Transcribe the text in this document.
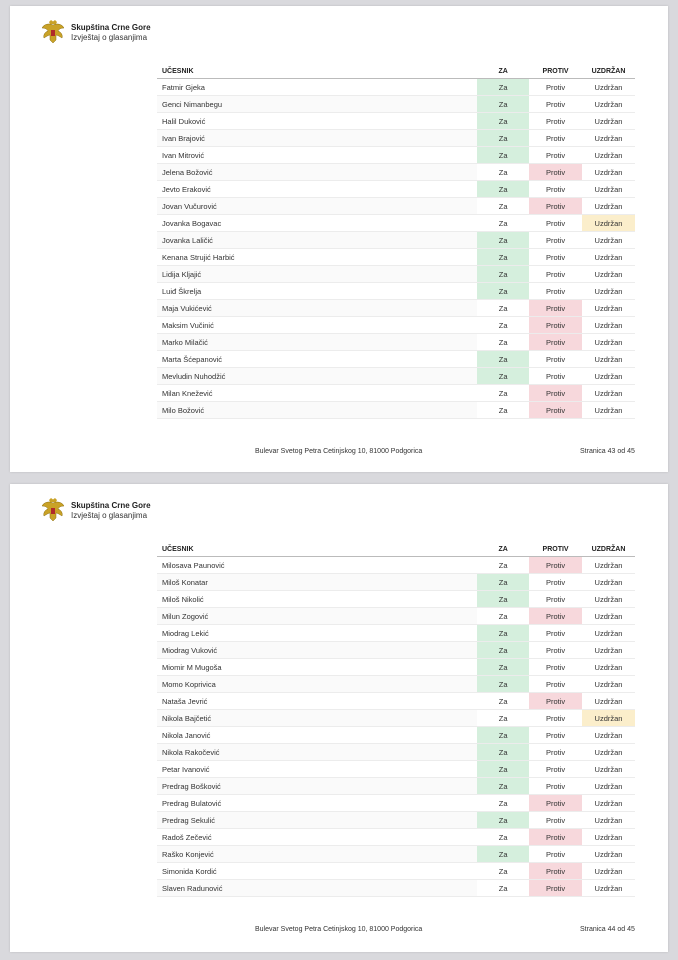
Skupština Crne Gore
Izvještaj o glasanjima
UČESNIK	ZA	PROTIV	UZDRŽAN
Fatmir Gjeka	Za	Protiv	Uzdržan
Genci Nimanbegu	Za	Protiv	Uzdržan
Halil Duković	Za	Protiv	Uzdržan
Ivan Brajović	Za	Protiv	Uzdržan
Ivan Mitrović	Za	Protiv	Uzdržan
Jelena Božović	Za	Protiv	Uzdržan
Jevto Eraković	Za	Protiv	Uzdržan
Jovan Vučurović	Za	Protiv	Uzdržan
Jovanka Bogavac	Za	Protiv	Uzdržan
Jovanka Laličić	Za	Protiv	Uzdržan
Kenana Strujić Harbić	Za	Protiv	Uzdržan
Lidija Kljajić	Za	Protiv	Uzdržan
Luiđ Škrelja	Za	Protiv	Uzdržan
Maja Vukićević	Za	Protiv	Uzdržan
Maksim Vučinić	Za	Protiv	Uzdržan
Marko Milačić	Za	Protiv	Uzdržan
Marta Šćepanović	Za	Protiv	Uzdržan
Mevludin Nuhodžić	Za	Protiv	Uzdržan
Milan Knežević	Za	Protiv	Uzdržan
Milo Božović	Za	Protiv	Uzdržan
Bulevar Svetog Petra Cetinjskog 10, 81000 Podgorica	Stranica 43 od 45
Skupština Crne Gore
Izvještaj o glasanjima
UČESNIK	ZA	PROTIV	UZDRŽAN
Milosava Paunović	Za	Protiv	Uzdržan
Miloš Konatar	Za	Protiv	Uzdržan
Miloš Nikolić	Za	Protiv	Uzdržan
Milun Zogović	Za	Protiv	Uzdržan
Miodrag Lekić	Za	Protiv	Uzdržan
Miodrag Vuković	Za	Protiv	Uzdržan
Miomir M Mugoša	Za	Protiv	Uzdržan
Momo Koprivica	Za	Protiv	Uzdržan
Nataša Jevrić	Za	Protiv	Uzdržan
Nikola Bajčetić	Za	Protiv	Uzdržan
Nikola Janović	Za	Protiv	Uzdržan
Nikola Rakočević	Za	Protiv	Uzdržan
Petar Ivanović	Za	Protiv	Uzdržan
Predrag Bošković	Za	Protiv	Uzdržan
Predrag Bulatović	Za	Protiv	Uzdržan
Predrag Sekulić	Za	Protiv	Uzdržan
Radoš Zečević	Za	Protiv	Uzdržan
Raško Konjević	Za	Protiv	Uzdržan
Simonida Kordić	Za	Protiv	Uzdržan
Slaven Radunović	Za	Protiv	Uzdržan
Bulevar Svetog Petra Cetinjskog 10, 81000 Podgorica	Stranica 44 od 45
